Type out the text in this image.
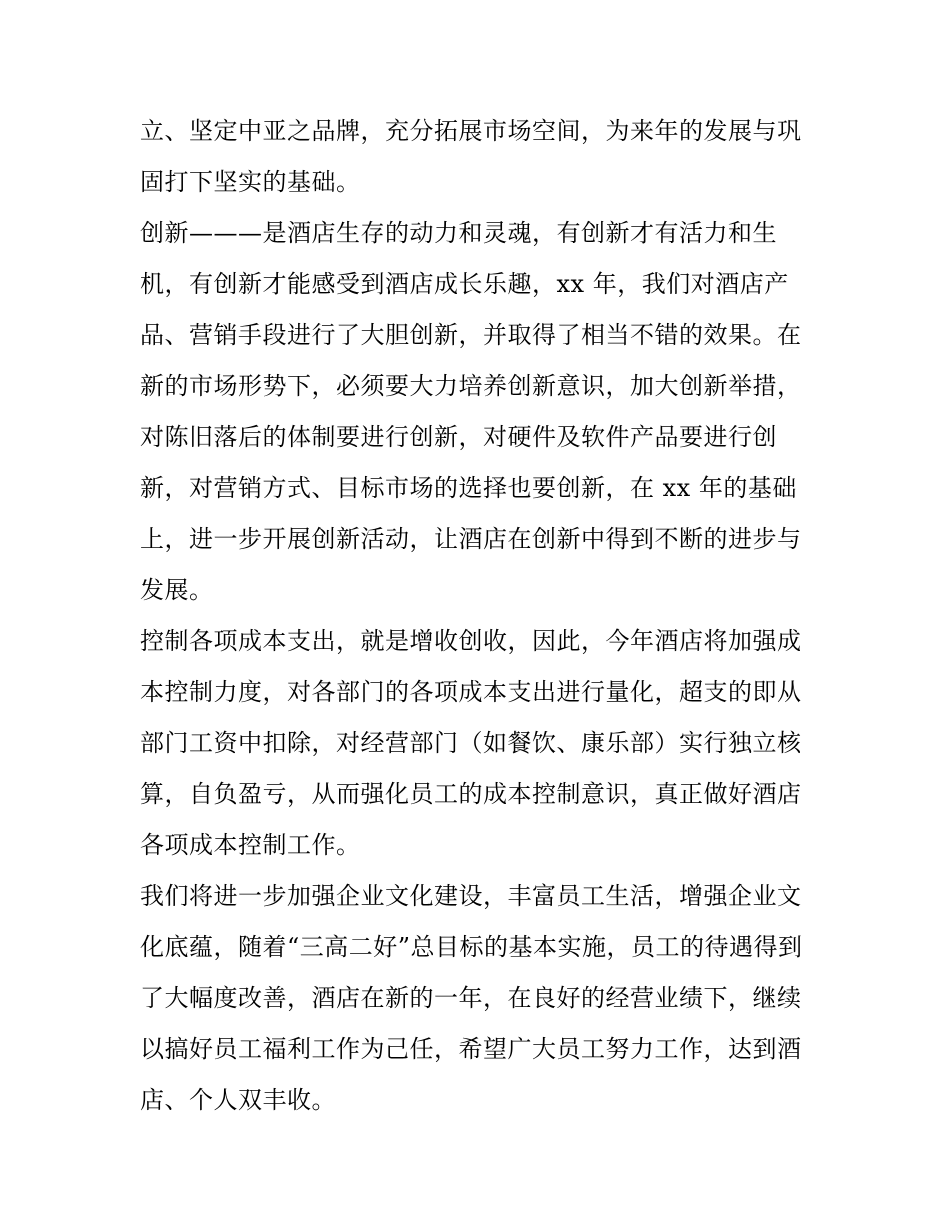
立、坚定中亚之品牌，充分拓展市场空间，为来年的发展与巩
固打下坚实的基础。
创新———是酒店生存的动力和灵魂，有创新才有活力和生
机，有创新才能感受到酒店成长乐趣，xx 年，我们对酒店产
品、营销手段进行了大胆创新，并取得了相当不错的效果。在
新的市场形势下，必须要大力培养创新意识，加大创新举措，
对陈旧落后的体制要进行创新，对硬件及软件产品要进行创
新，对营销方式、目标市场的选择也要创新，在 xx 年的基础
上，进一步开展创新活动，让酒店在创新中得到不断的进步与
发展。
控制各项成本支出，就是增收创收，因此，今年酒店将加强成
本控制力度，对各部门的各项成本支出进行量化，超支的即从
部门工资中扣除，对经营部门（如餐饮、康乐部）实行独立核
算，自负盈亏，从而强化员工的成本控制意识，真正做好酒店
各项成本控制工作。
我们将进一步加强企业文化建设，丰富员工生活，增强企业文
化底蕴，随着“三高二好”总目标的基本实施，员工的待遇得到
了大幅度改善，酒店在新的一年，在良好的经营业绩下，继续
以搞好员工福利工作为己任，希望广大员工努力工作，达到酒
店、个人双丰收。
